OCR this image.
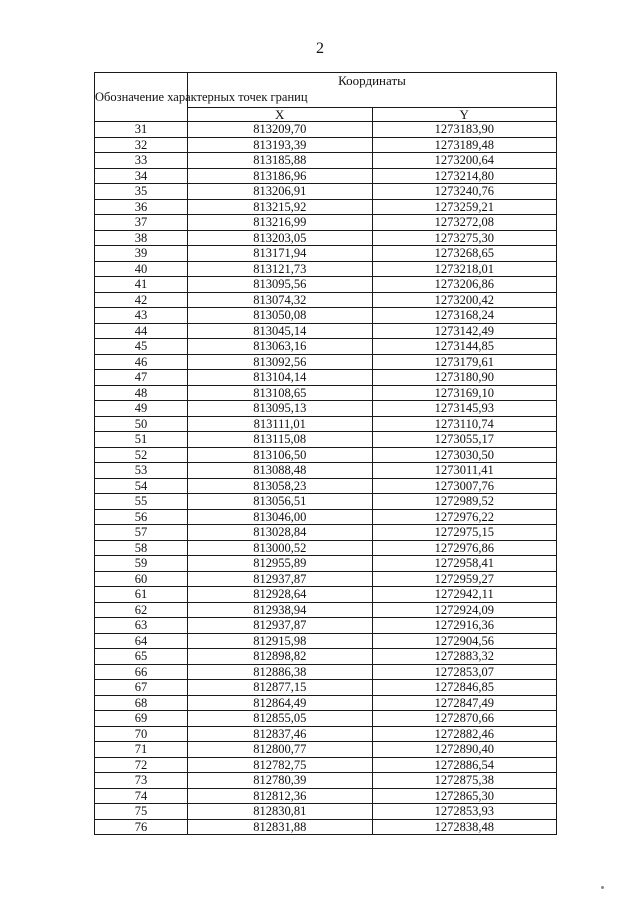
2
Обозначение характерных точек границ	Координаты	
	X	Y
31	813209,70	1273183,90
32	813193,39	1273189,48
33	813185,88	1273200,64
34	813186,96	1273214,80
35	813206,91	1273240,76
36	813215,92	1273259,21
37	813216,99	1273272,08
38	813203,05	1273275,30
39	813171,94	1273268,65
40	813121,73	1273218,01
41	813095,56	1273206,86
42	813074,32	1273200,42
43	813050,08	1273168,24
44	813045,14	1273142,49
45	813063,16	1273144,85
46	813092,56	1273179,61
47	813104,14	1273180,90
48	813108,65	1273169,10
49	813095,13	1273145,93
50	813111,01	1273110,74
51	813115,08	1273055,17
52	813106,50	1273030,50
53	813088,48	1273011,41
54	813058,23	1273007,76
55	813056,51	1272989,52
56	813046,00	1272976,22
57	813028,84	1272975,15
58	813000,52	1272976,86
59	812955,89	1272958,41
60	812937,87	1272959,27
61	812928,64	1272942,11
62	812938,94	1272924,09
63	812937,87	1272916,36
64	812915,98	1272904,56
65	812898,82	1272883,32
66	812886,38	1272853,07
67	812877,15	1272846,85
68	812864,49	1272847,49
69	812855,05	1272870,66
70	812837,46	1272882,46
71	812800,77	1272890,40
72	812782,75	1272886,54
73	812780,39	1272875,38
74	812812,36	1272865,30
75	812830,81	1272853,93
76	812831,88	1272838,48
